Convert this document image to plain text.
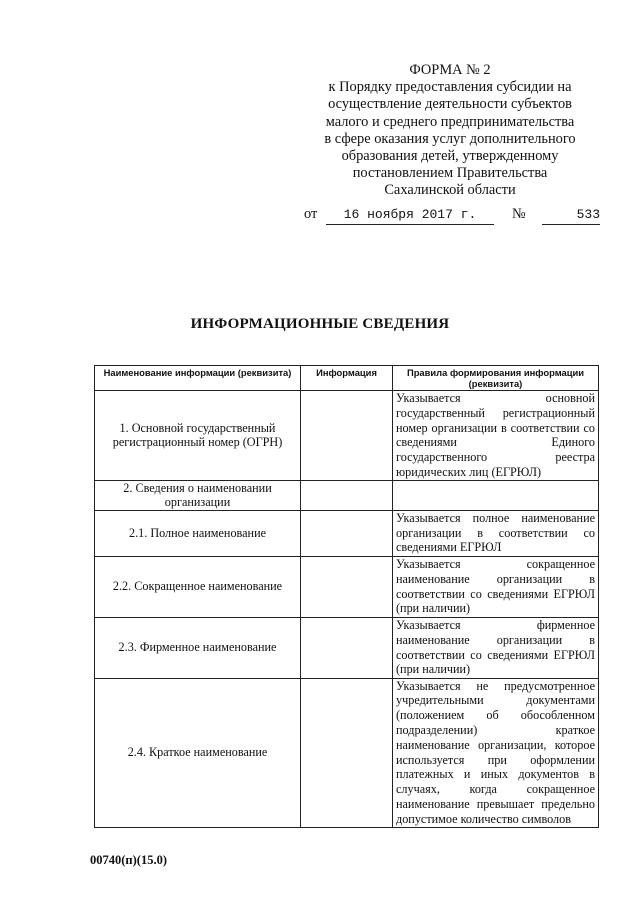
ФОРМА № 2
к Порядку предоставления субсидии на
осуществление деятельности субъектов
малого и среднего предпринимательства
в сфере оказания услуг дополнительного
образования детей, утвержденному
постановлением Правительства
Сахалинской области
от	16 ноября 2017 г.	№	533
ИНФОРМАЦИОННЫЕ СВЕДЕНИЯ
Наименование информации (реквизита)	Информация	Правила формирования информации (реквизита)
1. Основной государственный регистрационный номер (ОГРН)		Указывается основной государственный регистрационный номер организации в соответствии со сведениями Единого государственного реестра юридических лиц (ЕГРЮЛ)
2. Сведения о наименовании организации		
2.1. Полное наименование		Указывается полное наименование организации в соответствии со сведениями ЕГРЮЛ
2.2. Сокращенное наименование		Указывается сокращенное наименование организации в соответствии со сведениями ЕГРЮЛ (при наличии)
2.3. Фирменное наименование		Указывается фирменное наименование организации в соответствии со сведениями ЕГРЮЛ (при наличии)
2.4. Краткое наименование		Указывается не предусмотренное учредительными документами (положением об обособленном подразделении) краткое наименование организации, которое используется при оформлении платежных и иных документов в случаях, когда сокращенное наименование превышает предельно допустимое количество символов
00740(п)(15.0)
